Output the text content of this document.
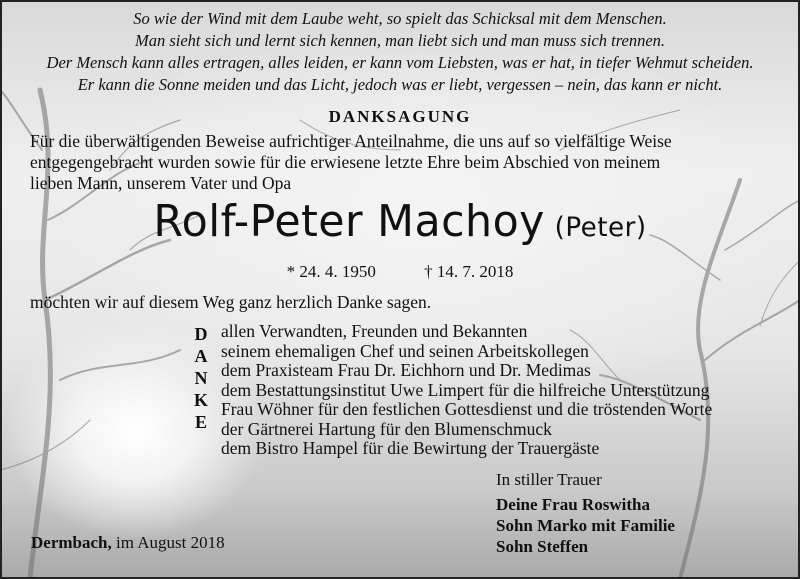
So wie der Wind mit dem Laube weht, so spielt das Schicksal mit dem Menschen.
Man sieht sich und lernt sich kennen, man liebt sich und man muss sich trennen.
Der Mensch kann alles ertragen, alles leiden, er kann vom Liebsten, was er hat, in tiefer Wehmut scheiden.
Er kann die Sonne meiden und das Licht, jedoch was er liebt, vergessen – nein, das kann er nicht.
DANKSAGUNG
Für die überwältigenden Beweise aufrichtiger Anteilnahme, die uns auf so vielfältige Weise
entgegengebracht wurden sowie für die erwiesene letzte Ehre beim Abschied von meinem
lieben Mann, unserem Vater und Opa
Rolf-Peter Machoy (Peter)
* 24. 4. 1950	† 14. 7. 2018
möchten wir auf diesem Weg ganz herzlich Danke sagen.
D
A
N
K
E
allen Verwandten, Freunden und Bekannten
seinem ehemaligen Chef und seinen Arbeitskollegen
dem Praxisteam Frau Dr. Eichhorn und Dr. Medimas
dem Bestattungsinstitut Uwe Limpert für die hilfreiche Unterstützung
Frau Wöhner für den festlichen Gottesdienst und die tröstenden Worte
der Gärtnerei Hartung für den Blumenschmuck
dem Bistro Hampel für die Bewirtung der Trauergäste
In stiller Trauer
Deine Frau Roswitha
Sohn Marko mit Familie
Sohn Steffen
Dermbach, im August 2018
